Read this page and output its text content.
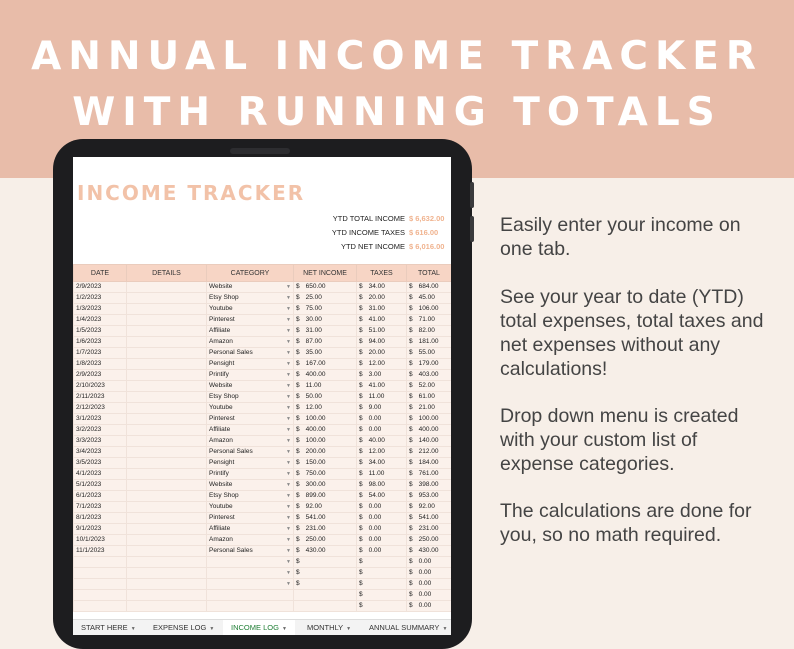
ANNUAL INCOME TRACKER
WITH RUNNING TOTALS
INCOME TRACKER
YTD TOTAL INCOME $ 6,632.00
YTD INCOME TAXES $ 616.00
YTD NET INCOME $ 6,016.00
DATE	DETAILS	CATEGORY	NET INCOME	TAXES	TOTAL
2/9/2023		Website ▼	$ 650.00	$ 34.00	$ 684.00
1/2/2023		Etsy Shop ▼	$ 25.00	$ 20.00	$ 45.00
1/3/2023		Youtube ▼	$ 75.00	$ 31.00	$ 106.00
1/4/2023		Pinterest ▼	$ 30.00	$ 41.00	$ 71.00
1/5/2023		Affiliate ▼	$ 31.00	$ 51.00	$ 82.00
1/6/2023		Amazon ▼	$ 87.00	$ 94.00	$ 181.00
1/7/2023		Personal Sales ▼	$ 35.00	$ 20.00	$ 55.00
1/8/2023		Pensight ▼	$ 167.00	$ 12.00	$ 179.00
2/9/2023		Printify ▼	$ 400.00	$ 3.00	$ 403.00
2/10/2023		Website ▼	$ 11.00	$ 41.00	$ 52.00
2/11/2023		Etsy Shop ▼	$ 50.00	$ 11.00	$ 61.00
2/12/2023		Youtube ▼	$ 12.00	$ 9.00	$ 21.00
3/1/2023		Pinterest ▼	$ 100.00	$ 0.00	$ 100.00
3/2/2023		Affiliate ▼	$ 400.00	$ 0.00	$ 400.00
3/3/2023		Amazon ▼	$ 100.00	$ 40.00	$ 140.00
3/4/2023		Personal Sales ▼	$ 200.00	$ 12.00	$ 212.00
3/5/2023		Pensight ▼	$ 150.00	$ 34.00	$ 184.00
4/1/2023		Printify ▼	$ 750.00	$ 11.00	$ 761.00
5/1/2023		Website ▼	$ 300.00	$ 98.00	$ 398.00
6/1/2023		Etsy Shop ▼	$ 899.00	$ 54.00	$ 953.00
7/1/2023		Youtube ▼	$ 92.00	$ 0.00	$ 92.00
8/1/2023		Pinterest ▼	$ 541.00	$ 0.00	$ 541.00
9/1/2023		Affiliate ▼	$ 231.00	$ 0.00	$ 231.00
10/1/2023		Amazon ▼	$ 250.00	$ 0.00	$ 250.00
11/1/2023		Personal Sales ▼	$ 430.00	$ 0.00	$ 430.00

		▼	$	$	$ 0.00

		▼	$	$	$ 0.00

		▼	$	$	$ 0.00

				$	$ 0.00

				$	$ 0.00
START HERE ▼ EXPENSE LOG ▼	INCOME LOG ▼	MONTHLY ▼ ANNUAL SUMMARY ▼
Easily enter your income on one tab.
See your year to date (YTD) total expenses, total taxes and net expenses without any calculations!
Drop down menu is created with your custom list of expense categories.
The calculations are done for you, so no math required.
